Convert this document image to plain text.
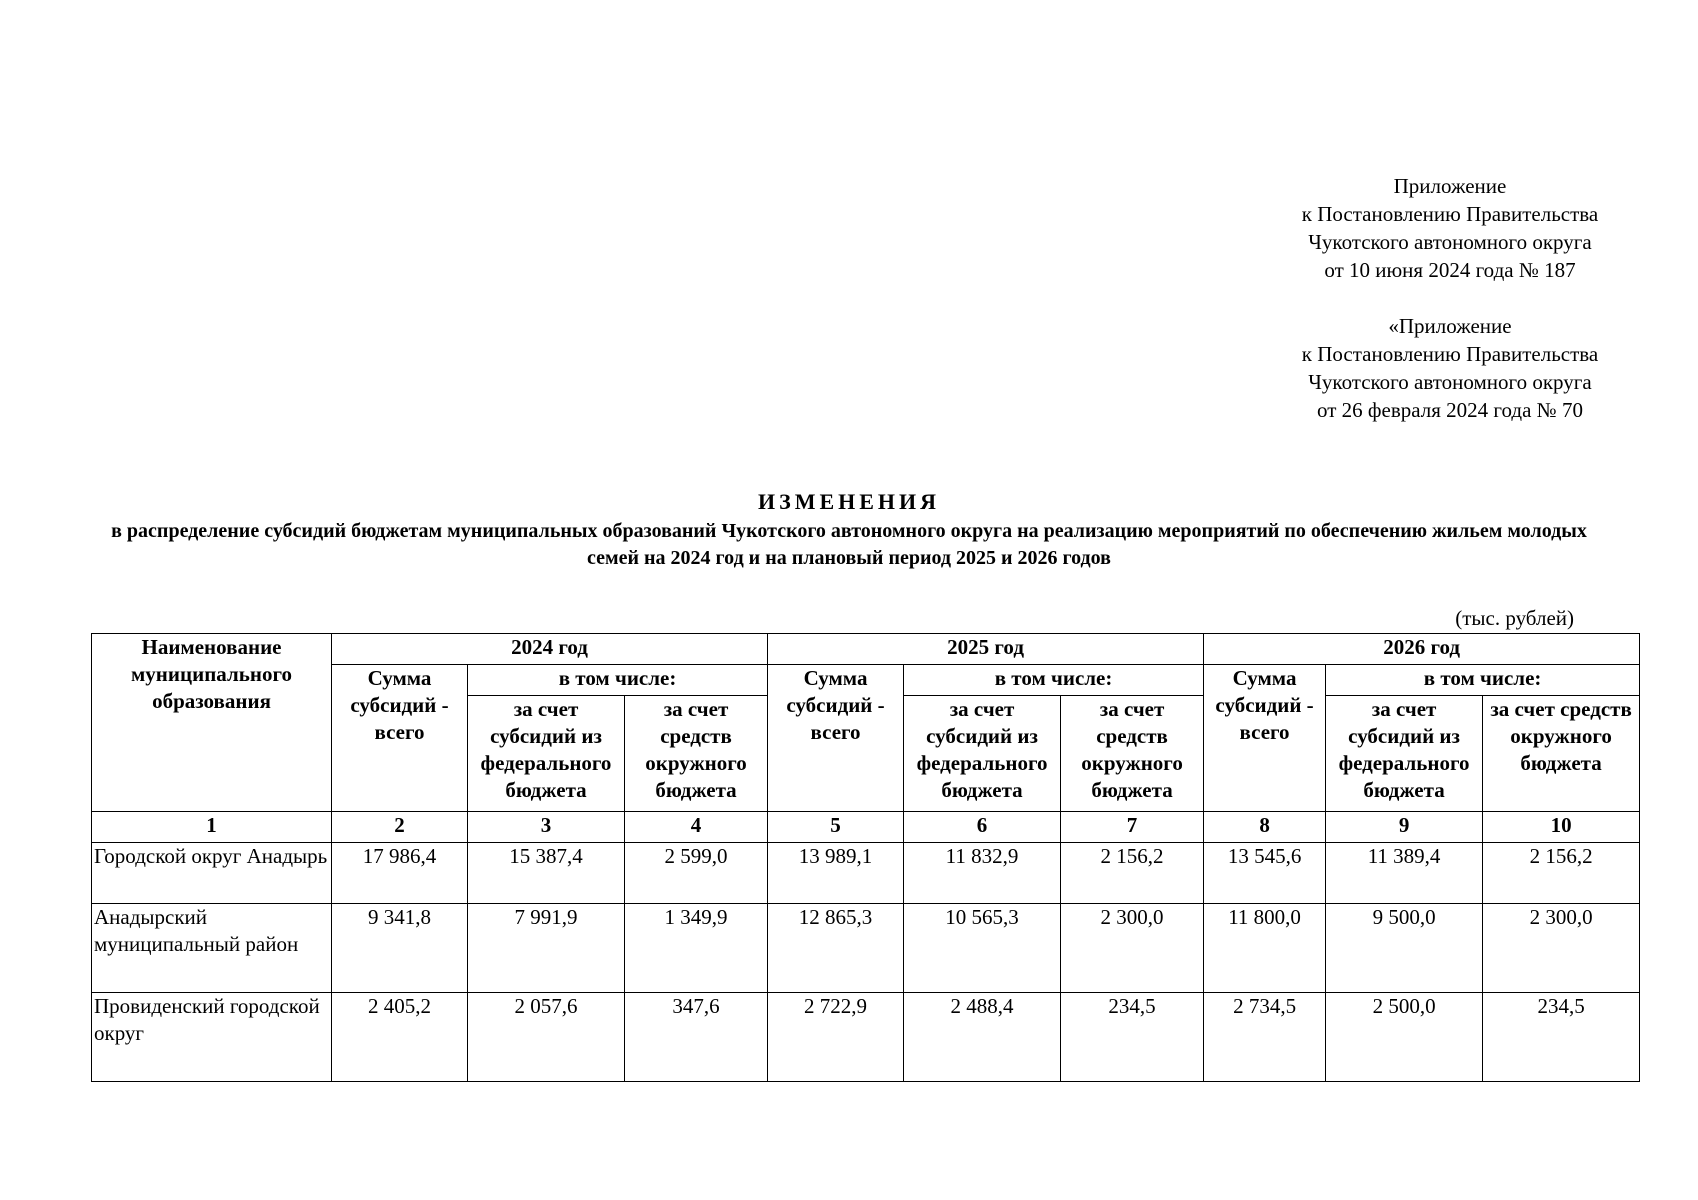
Приложение
к Постановлению Правительства
Чукотского автономного округа
от 10 июня 2024 года № 187
«Приложение
к Постановлению Правительства
Чукотского автономного округа
от 26 февраля 2024 года № 70
ИЗМЕНЕНИЯ
в распределение субсидий бюджетам муниципальных образований Чукотского автономного округа на реализацию мероприятий по обеспечению жильем молодых семей на 2024 год и на плановый период 2025 и 2026 годов
(тыс. рублей)
Наименование муниципального образования	2024 год			2025 год			2026 год		
	Сумма субсидий - всего	в том числе:		Сумма субсидий - всего	в том числе:		Сумма субсидий - всего	в том числе:	
		за счет субсидий из федерального бюджета	за счет средств окружного бюджета		за счет субсидий из федерального бюджета	за счет средств окружного бюджета		за счет субсидий из федерального бюджета	за счет средств окружного бюджета
1	2	3	4	5	6	7	8	9	10
Городской округ Анадырь	17 986,4	15 387,4	2 599,0	13 989,1	11 832,9	2 156,2	13 545,6	11 389,4	2 156,2
Анадырский муниципальный район	9 341,8	7 991,9	1 349,9	12 865,3	10 565,3	2 300,0	11 800,0	9 500,0	2 300,0
Провиденский городской округ	2 405,2	2 057,6	347,6	2 722,9	2 488,4	234,5	2 734,5	2 500,0	234,5
